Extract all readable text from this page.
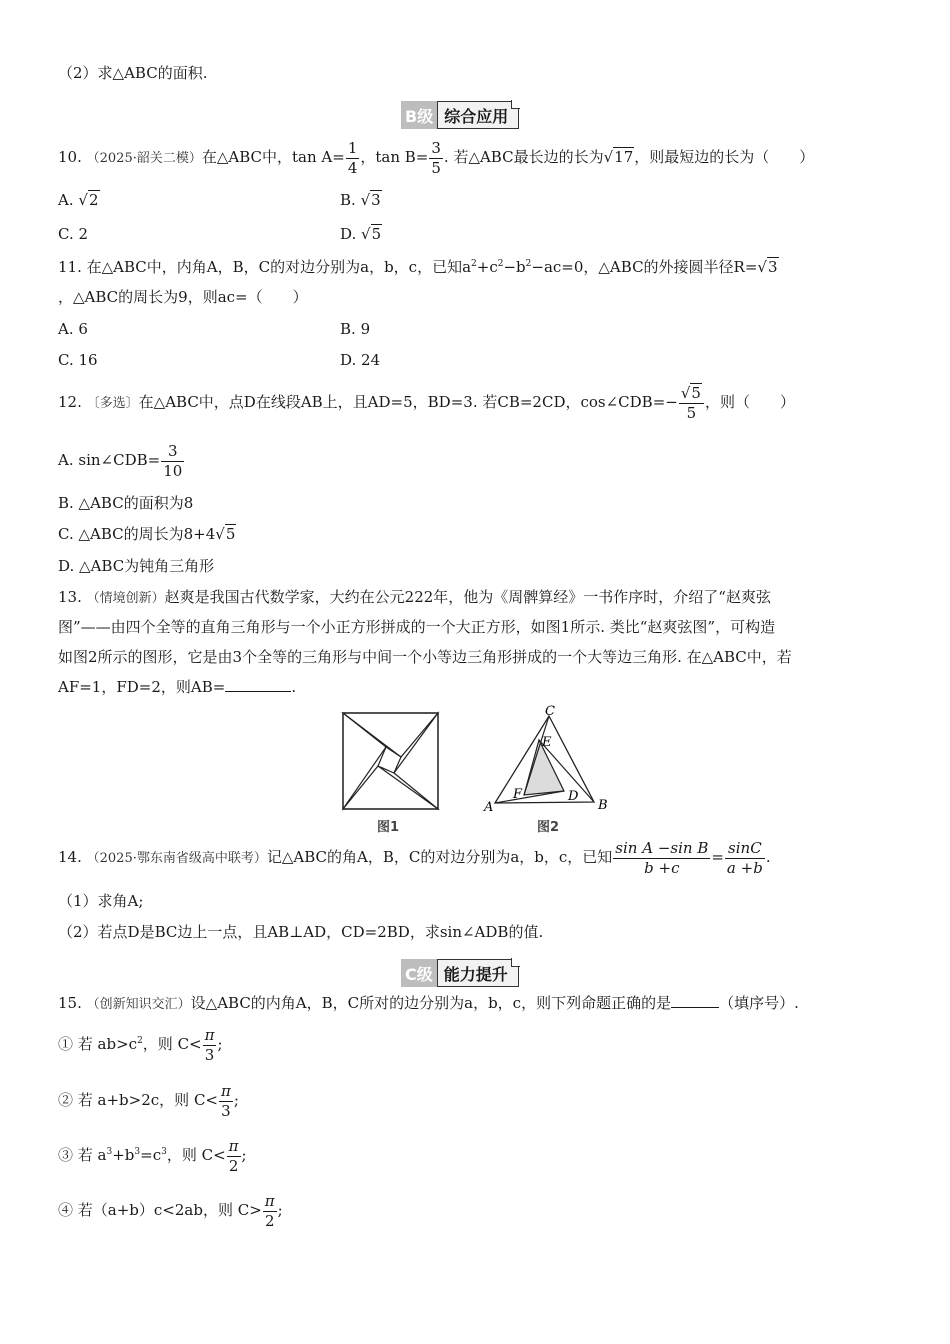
（2）求△ABC的面积.
B级 综合应用
10. （2025·韶关二模）在△ABC中，$\tan A= \frac{1}{4}$ ，$\tan B= \frac{3}{5}$ . 若△ABC最长边的长为√17，则最短边的长为（　　）
A. √2	B. √3
C. 2	D. √5
11. 在△ABC中，内角A，B，C的对边分别为a，b，c，已知$a^2+c^2-b^2-ac=0$，△ABC的外接圆半径R=√3
，△ABC的周长为9，则ac=（　　）
A. 6	B. 9
C. 16	D. 24
12. 〔多选〕在△ABC中，点D在线段AB上，且AD=5，BD=3. 若CB=2CD，cos∠CDB=− $\frac{√5}{5}$ ，则（　　）
A. sin∠CDB= $\frac{3}{10}$
B. △ABC的面积为8
C. △ABC的周长为8+4√5
D. △ABC为钝角三角形
13. （情境创新）赵爽是我国古代数学家，大约在公元222年，他为《周髀算经》一书作序时，介绍了“赵爽弦
图”——由四个全等的直角三角形与一个小正方形拼成的一个大正方形，如图1所示. 类比“赵爽弦图”，可构造
如图2所示的图形，它是由3个全等的三角形与中间一个小等边三角形拼成的一个大等边三角形. 在△ABC中，若
AF=1，FD=2，则AB=	.
图1
A	B
C
D
E
F
图2
14. （2025·鄂东南省级高中联考）记△ABC的角A，B，C的对边分别为a，b，c，已知 $\frac{\text{sin A −sin B}}{b +c} = \frac{\sin C}{a +b}$ .
（1）求角A;
（2）若点D是BC边上一点，且AB⊥AD，CD=2BD，求sin∠ADB的值.
C级 能力提升
15. （创新知识交汇）设△ABC的内角A，B，C所对的边分别为a，b，c，则下列命题正确的是	（填序号）.
① 若 $ab>c^2$，则 $C< \frac{\pi}{3}$ ;
② 若 a+b>2c，则 $C< \frac{\pi}{3}$ ;
③ 若 $a^3+b^3=c^3$，则 $C< \frac{\pi}{2}$ ;
④ 若（a+b）c<2ab，则 $C> \frac{\pi}{2}$ ;
